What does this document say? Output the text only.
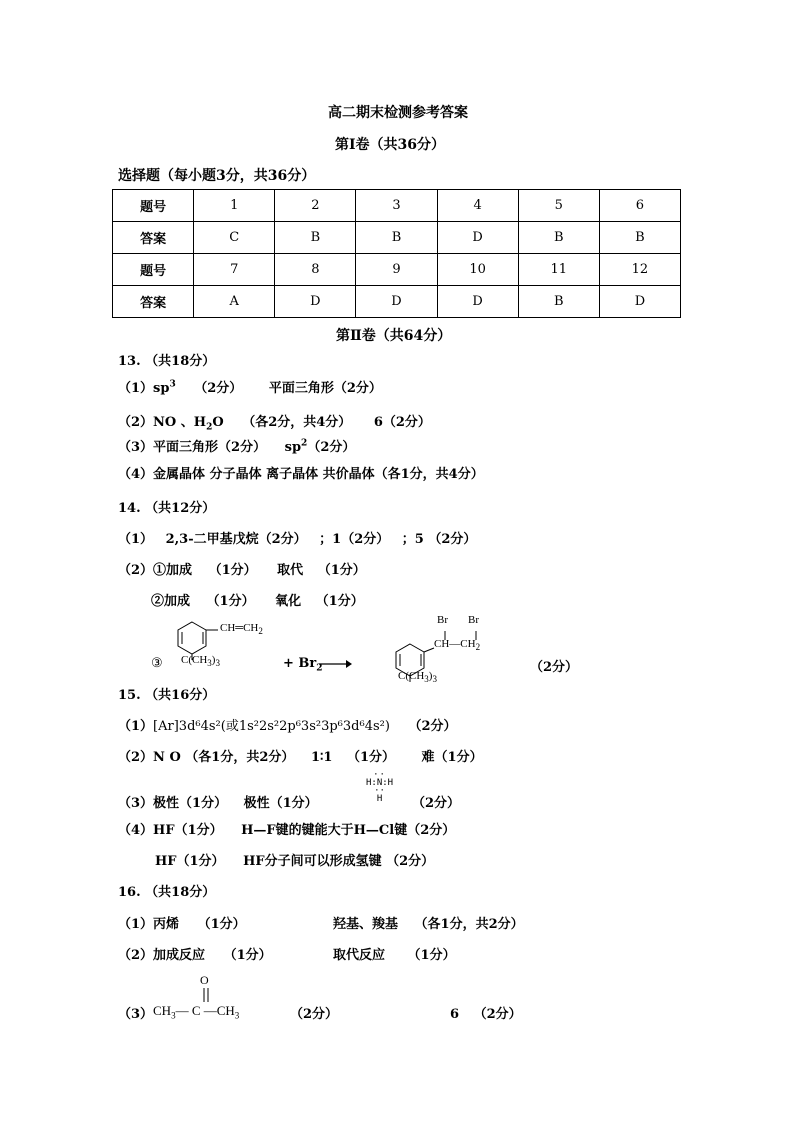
高二期末检测参考答案
第Ⅰ卷（共36分）
选择题（每小题3分，共36分）
题号	1	2	3	4	5	6
答案	C	B	B	D	B	B
题号	7	8	9	10	11	12
答案	A	D	D	D	B	D
第Ⅱ卷（共64分）
13. （共18分）
$(1)sp^3$ （2分） 平面三角形（2分）
（2）NO 、$H_2O$ （各2分，共4分） 6（2分）
（3）平面三角形（2分） $sp^2(2$分）
（4）金属晶体 分子晶体 离子晶体 共价晶体（各1分，共4分）
14. （共12分）
（1） 2,3-二甲基戊烷（2分） ；1（2分） ；5 （2分）
（2）①加成 （1分） 取代 （1分）
②加成 （1分） 氧化 （1分）
③
$CH═CH_2$
$C(CH_3)_3$	+ $Br_2$
Br Br
$CH—CH_2$
$C(CH_3)_3$
（2分）
15. （共16分）
（1）[Ar]3d⁶4s²(或1s²2s²2p⁶3s²3p⁶3d⁶4s²) （2分）
（2）N O （各1分，共2分） 1∶1 （1分） 难（1分）
（3）极性（1分） 极性（1分）
··
H:N:H
··
H	（2分）
（4）HF（1分） H—F键的键能大于H—Cl键（2分）
HF（1分） HF分子间可以形成氢键 （2分）
16. （共18分）
（1）丙烯 （1分）	羟基、羧基 （各1分，共2分）
（2）加成反应 （1分）	取代反应 （1分）
（3）
O
$CH_3—$ C $—CH_3$	（2分）	6 （2分）
